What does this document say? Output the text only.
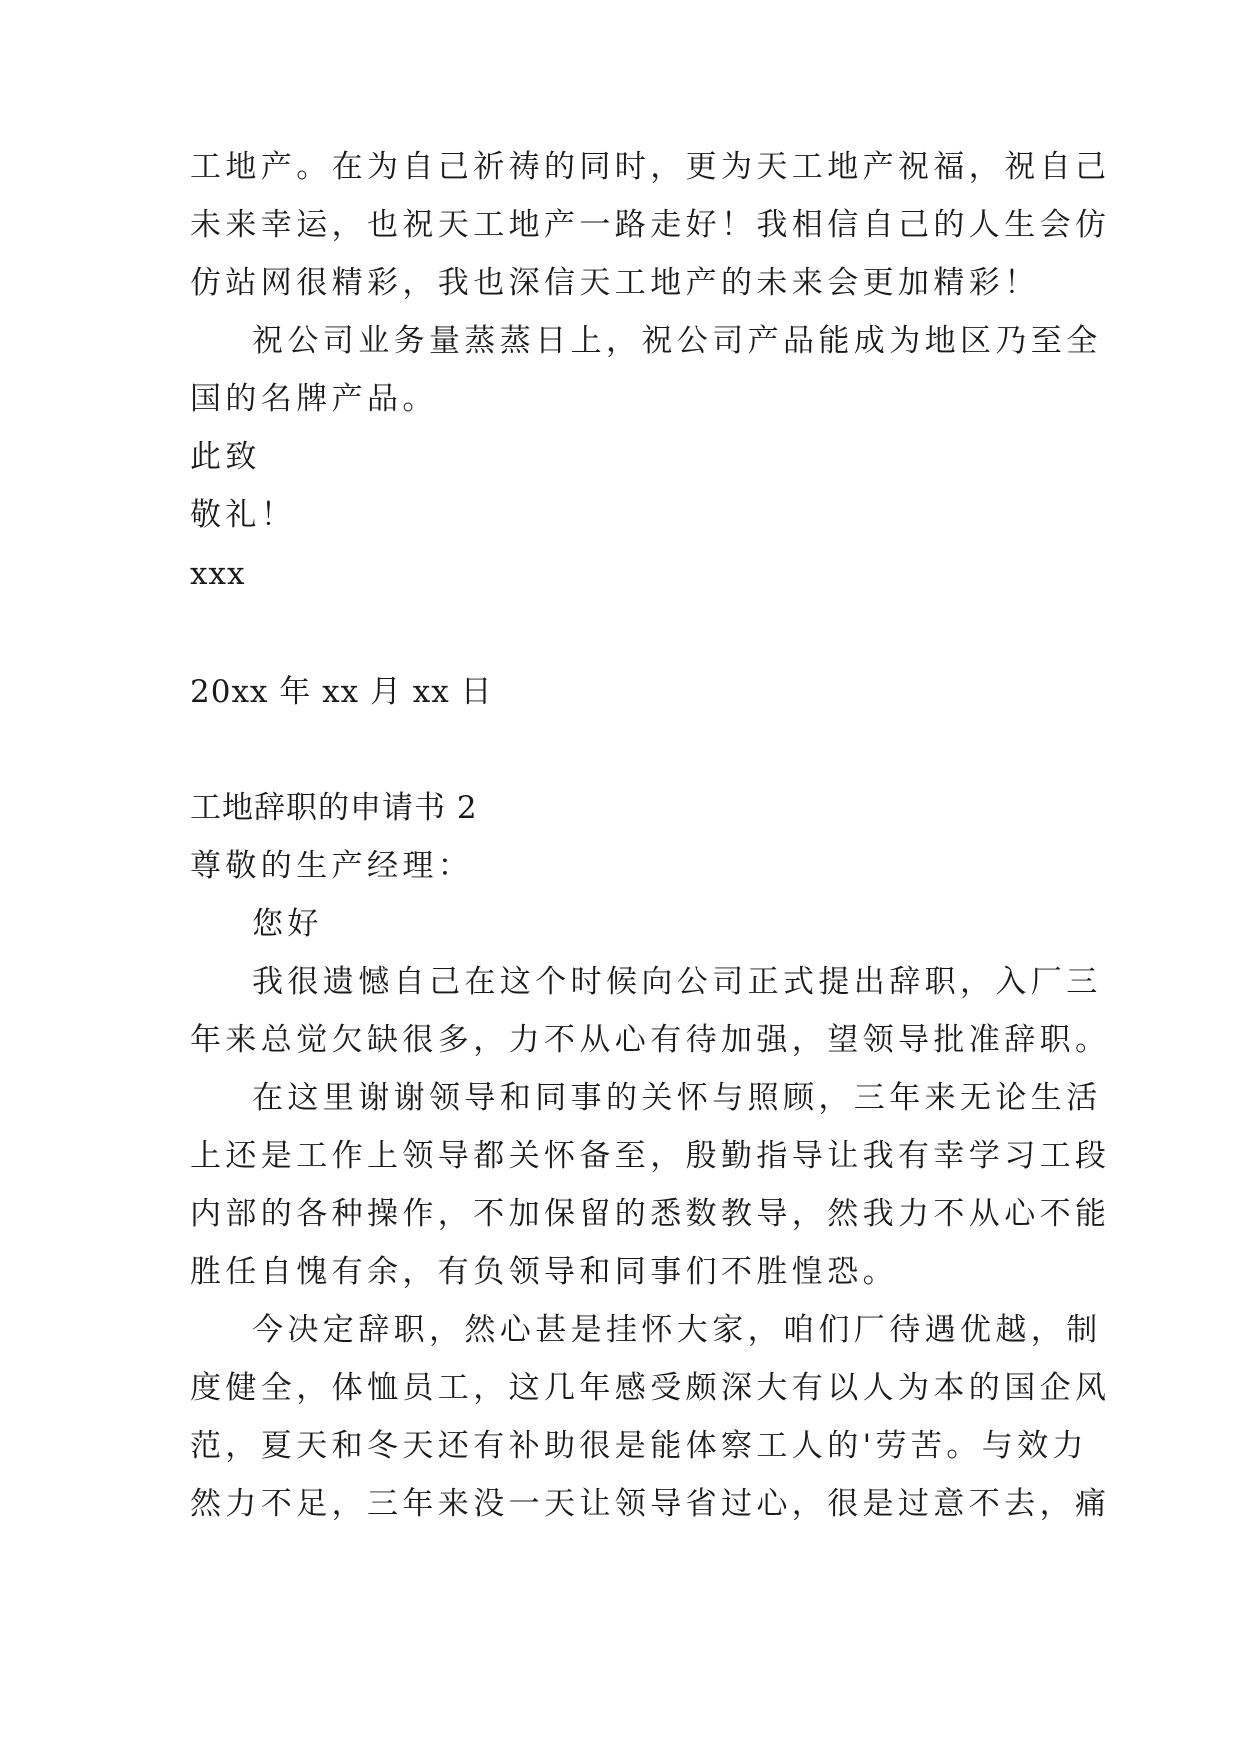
工地产。在为自己祈祷的同时，更为天工地产祝福，祝自己
未来幸运，也祝天工地产一路走好！我相信自己的人生会仿
仿站网很精彩，我也深信天工地产的未来会更加精彩！
祝公司业务量蒸蒸日上，祝公司产品能成为地区乃至全
国的名牌产品。
此致
敬礼！
xxx
20xx 年 xx 月 xx 日
工地辞职的申请书 2
尊敬的生产经理：
您好
我很遗憾自己在这个时候向公司正式提出辞职，入厂三
年来总觉欠缺很多，力不从心有待加强，望领导批准辞职。
在这里谢谢领导和同事的关怀与照顾，三年来无论生活
上还是工作上领导都关怀备至，殷勤指导让我有幸学习工段
内部的各种操作，不加保留的悉数教导，然我力不从心不能
胜任自愧有余，有负领导和同事们不胜惶恐。
今决定辞职，然心甚是挂怀大家，咱们厂待遇优越，制
度健全，体恤员工，这几年感受颇深大有以人为本的国企风
范，夏天和冬天还有补助很是能体察工人的'劳苦。与效力
然力不足，三年来没一天让领导省过心，很是过意不去，痛
